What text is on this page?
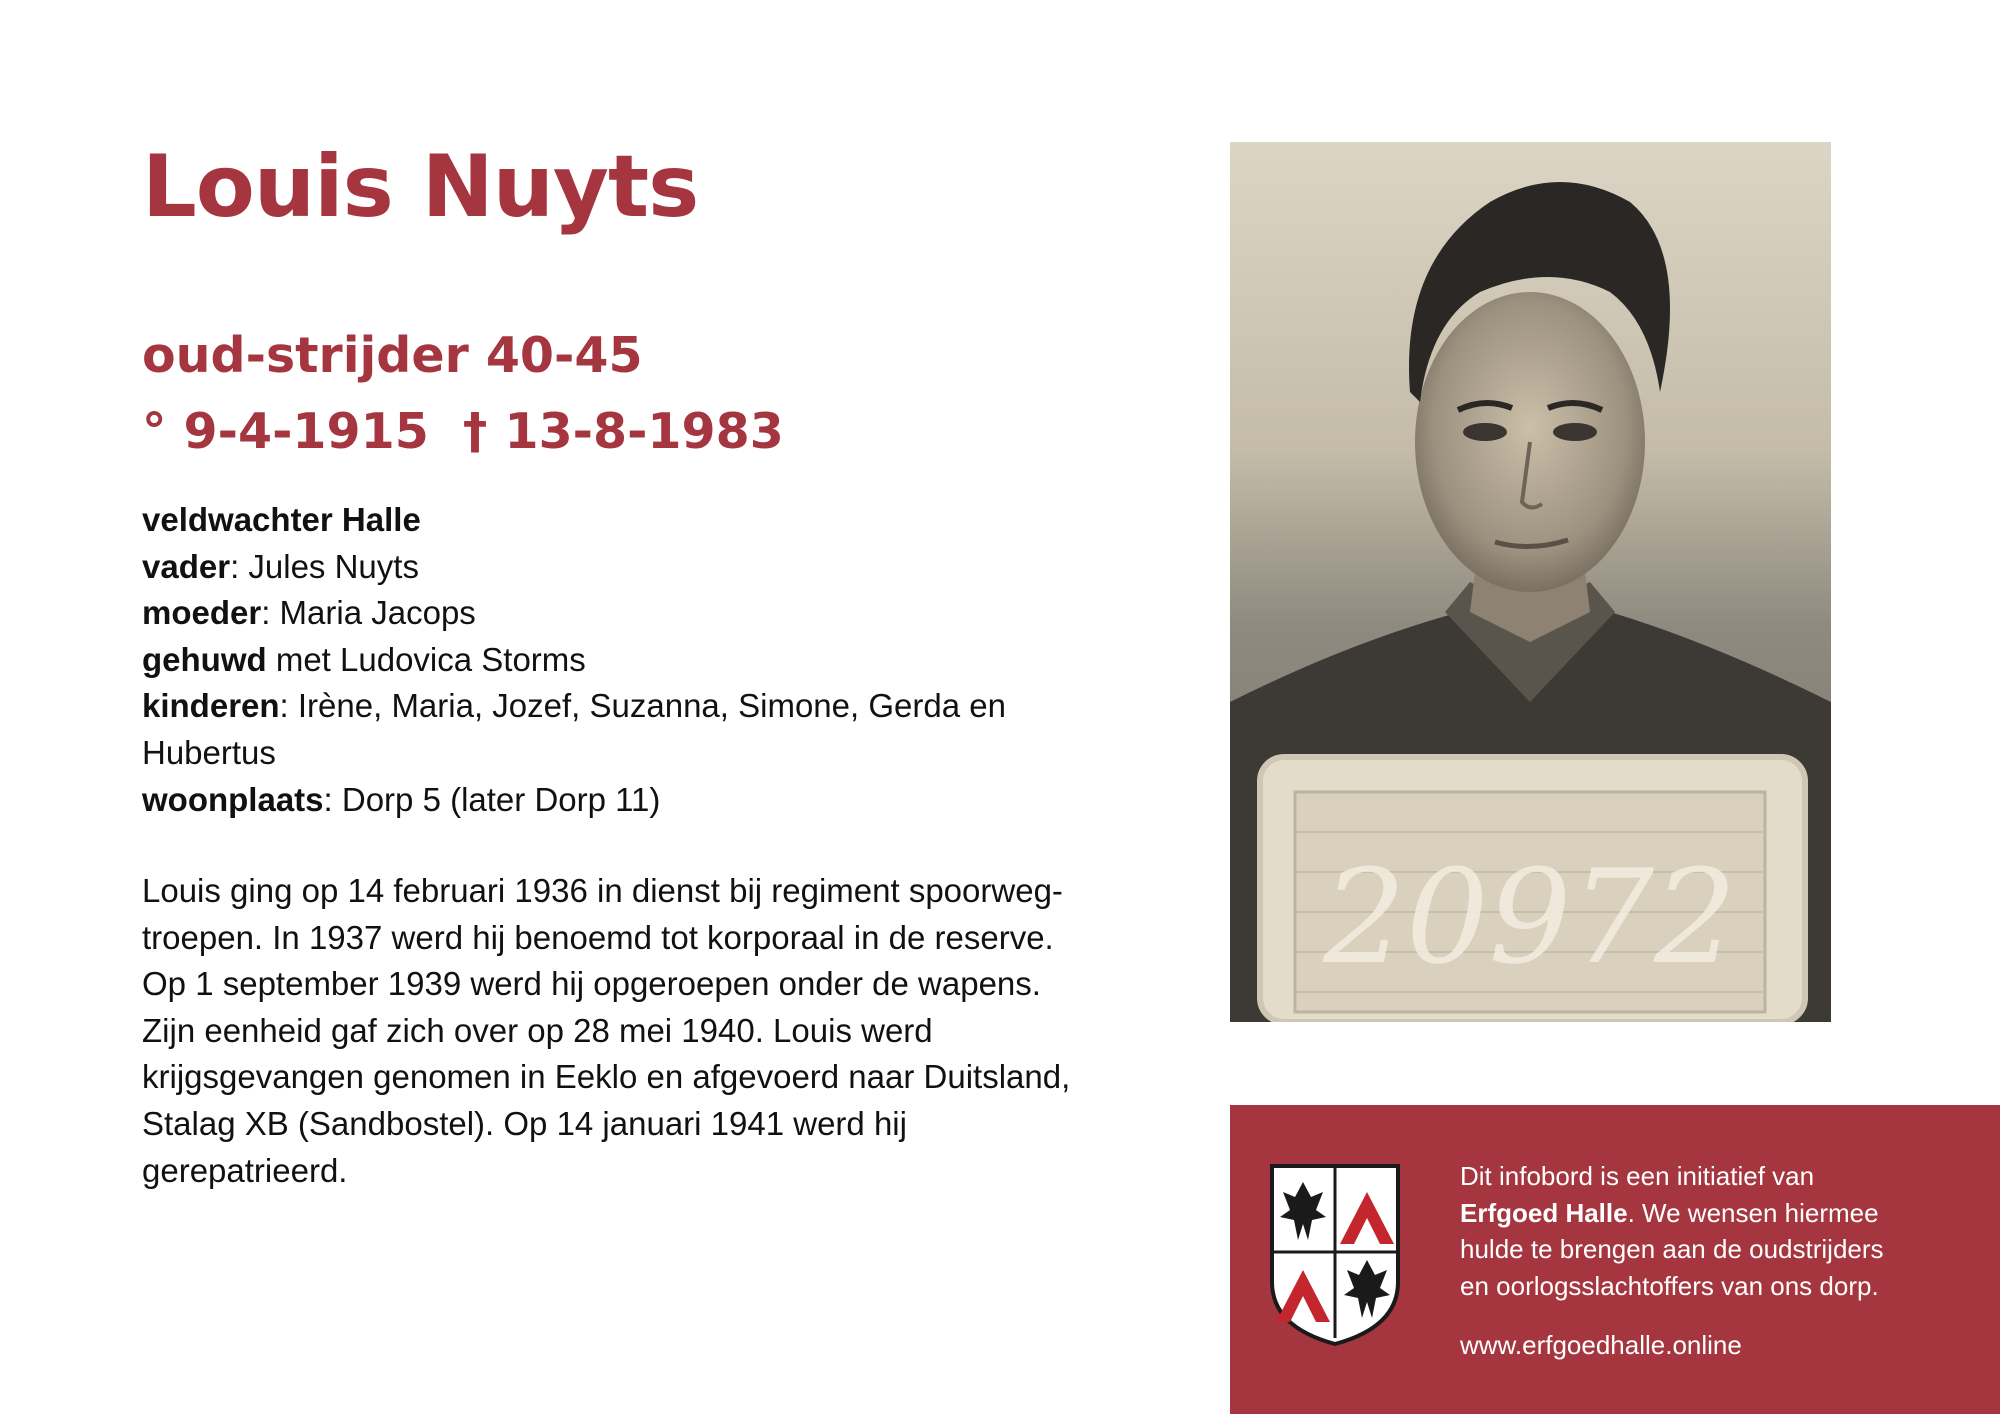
Louis Nuyts
oud-strijder 40-45
° 9-4-1915  † 13-8-1983
veldwachter Halle
vader: Jules Nuyts
moeder: Maria Jacops
gehuwd met Ludovica Storms
kinderen: Irène, Maria, Jozef, Suzanna, Simone, Gerda en
Hubertus
woonplaats: Dorp 5 (later Dorp 11)
Louis ging op 14 februari 1936 in dienst bij regiment spoorweg-
troepen. In 1937 werd hij benoemd tot korporaal in de reserve.
Op 1 september 1939 werd hij opgeroepen onder de wapens.
Zijn eenheid gaf zich over op 28 mei 1940. Louis werd
krijgsgevangen genomen in Eeklo en afgevoerd naar Duitsland,
Stalag XB (Sandbostel). Op 14 januari 1941 werd hij
gerepatrieerd.
20972
Dit infobord is een initiatief van
Erfgoed Halle. We wensen hiermee
hulde te brengen aan de oudstrijders
en oorlogsslachtoffers van ons dorp.
www.erfgoedhalle.online
